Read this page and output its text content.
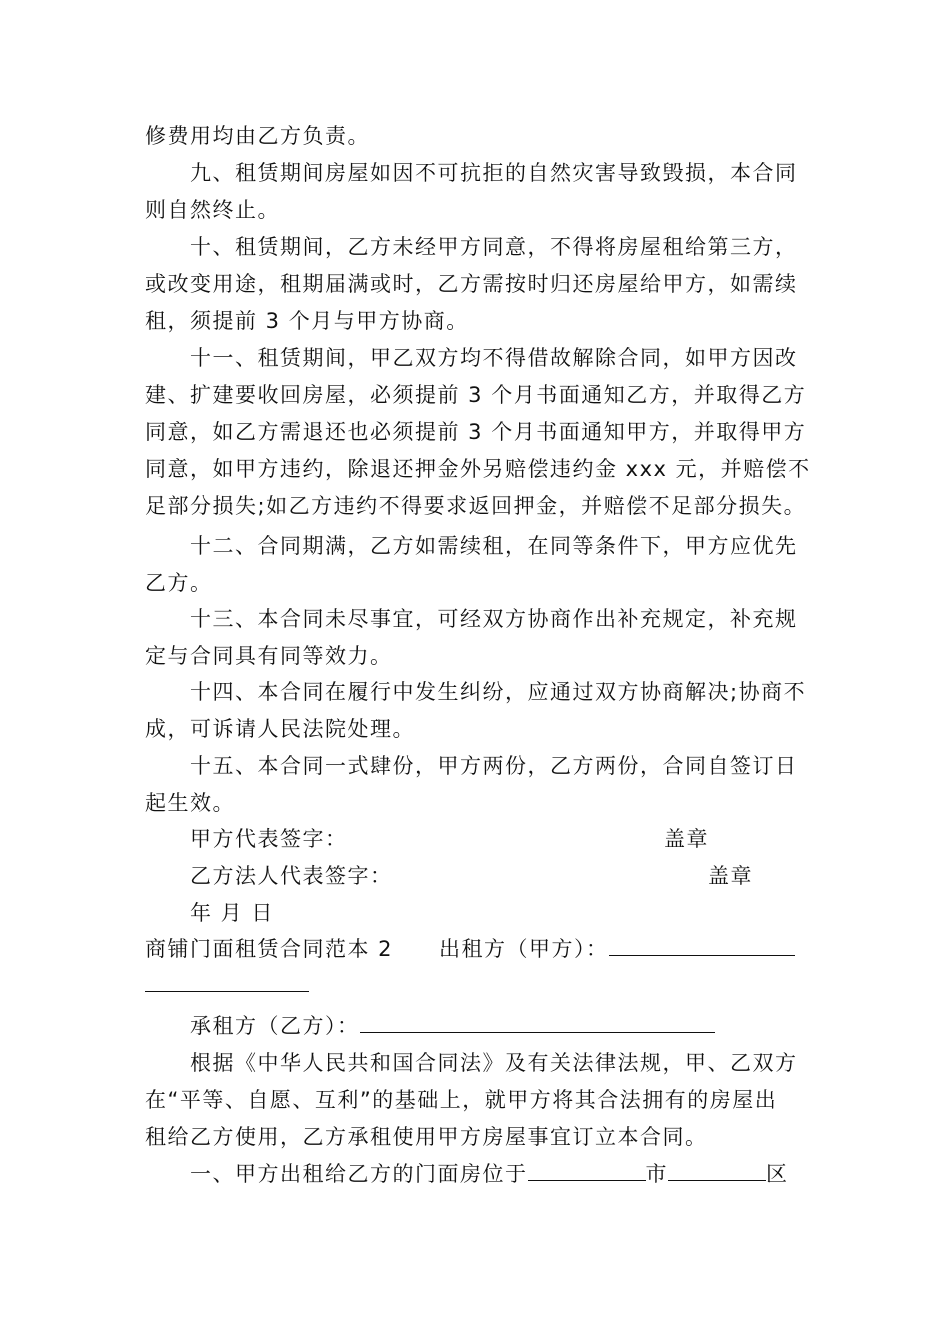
修费用均由乙方负责。
九、租赁期间房屋如因不可抗拒的自然灾害导致毁损，本合同
则自然终止。
十、租赁期间，乙方未经甲方同意，不得将房屋租给第三方，
或改变用途，租期届满或时，乙方需按时归还房屋给甲方，如需续
租，须提前 3 个月与甲方协商。
十一、租赁期间，甲乙双方均不得借故解除合同，如甲方因改
建、扩建要收回房屋，必须提前 3 个月书面通知乙方，并取得乙方
同意，如乙方需退还也必须提前 3 个月书面通知甲方，并取得甲方
同意，如甲方违约，除退还押金外另赔偿违约金 xxx 元，并赔偿不
足部分损失;如乙方违约不得要求返回押金，并赔偿不足部分损失。
十二、合同期满，乙方如需续租，在同等条件下，甲方应优先
乙方。
十三、本合同未尽事宜，可经双方协商作出补充规定，补充规
定与合同具有同等效力。
十四、本合同在履行中发生纠纷，应通过双方协商解决;协商不
成，可诉请人民法院处理。
十五、本合同一式肆份，甲方两份，乙方两份，合同自签订日
起生效。
甲方代表签字：	盖章
乙方法人代表签字：	盖章
年 月 日
商铺门面租赁合同范本 2 出租方（甲方）：
承租方（乙方）：
根据《中华人民共和国合同法》及有关法律法规，甲、乙双方
在“平等、自愿、互利”的基础上，就甲方将其合法拥有的房屋出
租给乙方使用，乙方承租使用甲方房屋事宜订立本合同。
一、甲方出租给乙方的门面房位于	市	区
